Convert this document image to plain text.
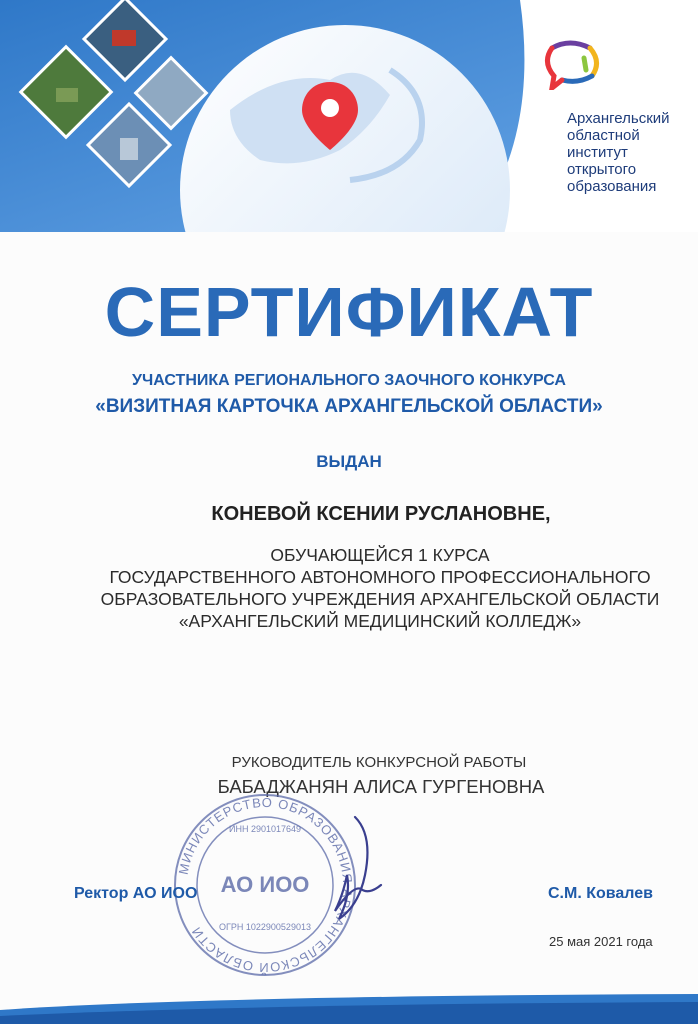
Архангельский
областной институт
открытого
образования
СЕРТИФИКАТ

УЧАСТНИКА РЕГИОНАЛЬНОГО ЗАОЧНОГО КОНКУРСА

«ВИЗИТНАЯ КАРТОЧКА АРХАНГЕЛЬСКОЙ ОБЛАСТИ»

ВЫДАН
КОНЕВОЙ КСЕНИИ РУСЛАНОВНЕ,
ОБУЧАЮЩЕЙСЯ 1 КУРСА
ГОСУДАРСТВЕННОГО АВТОНОМНОГО ПРОФЕССИОНАЛЬНОГО
ОБРАЗОВАТЕЛЬНОГО УЧРЕЖДЕНИЯ АРХАНГЕЛЬСКОЙ ОБЛАСТИ
«АРХАНГЕЛЬСКИЙ МЕДИЦИНСКИЙ КОЛЛЕДЖ»
РУКОВОДИТЕЛЬ КОНКУРСНОЙ РАБОТЫ
БАБАДЖАНЯН АЛИСА ГУРГЕНОВНА
МИНИСТЕРСТВО ОБРАЗОВАНИЯ АРХАНГЕЛЬСКОЙ ОБЛАСТИ
ИНН 2901017649
АО ИОО
ОГРН 1022900529013
Ректор АО ИОО	С.М. Ковалев
25 мая 2021 года
